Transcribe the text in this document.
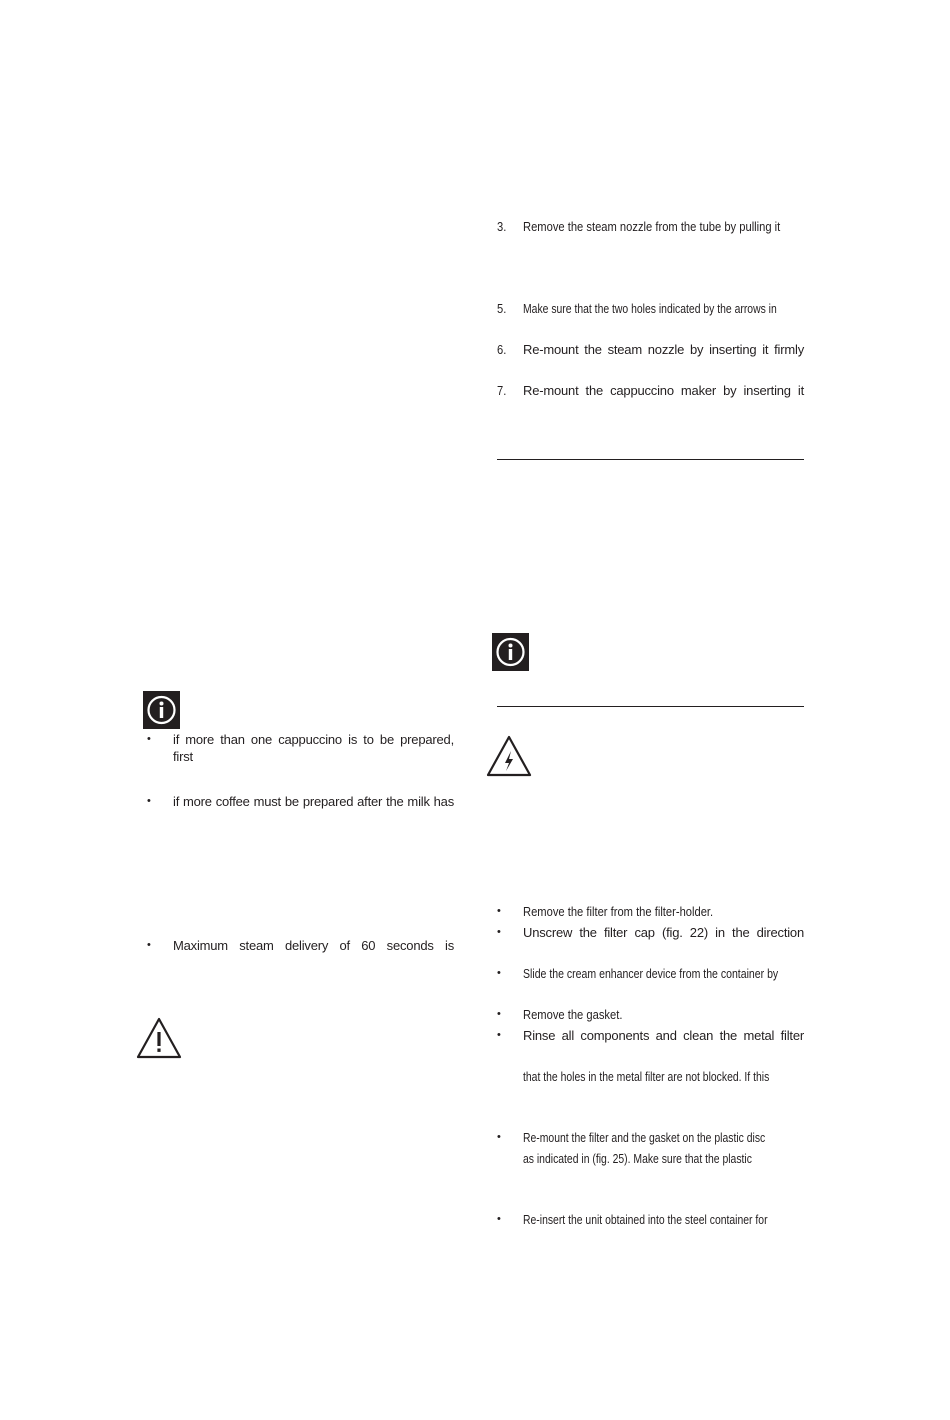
3. Remove the steam nozzle from the tube by pulling it
5. Make sure that the two holes indicated by the arrows in
6. Re-mount the steam nozzle by inserting it firmly
7. Re-mount the cappuccino maker by inserting it
• Remove the filter from the filter-holder.
• Unscrew the filter cap (fig. 22) in the direction
• Slide the cream enhancer device from the container by
• Remove the gasket.
• Rinse all components and clean the metal filter
that the holes in the metal filter are not blocked. If this
• Re-mount the filter and the gasket on the plastic disc
as indicated in (fig. 25). Make sure that the plastic
• Re-insert the unit obtained into the steel container for
• if more than one cappuccino is to be prepared, first
• if more coffee must be prepared after the milk has
• Maximum steam delivery of 60 seconds is
